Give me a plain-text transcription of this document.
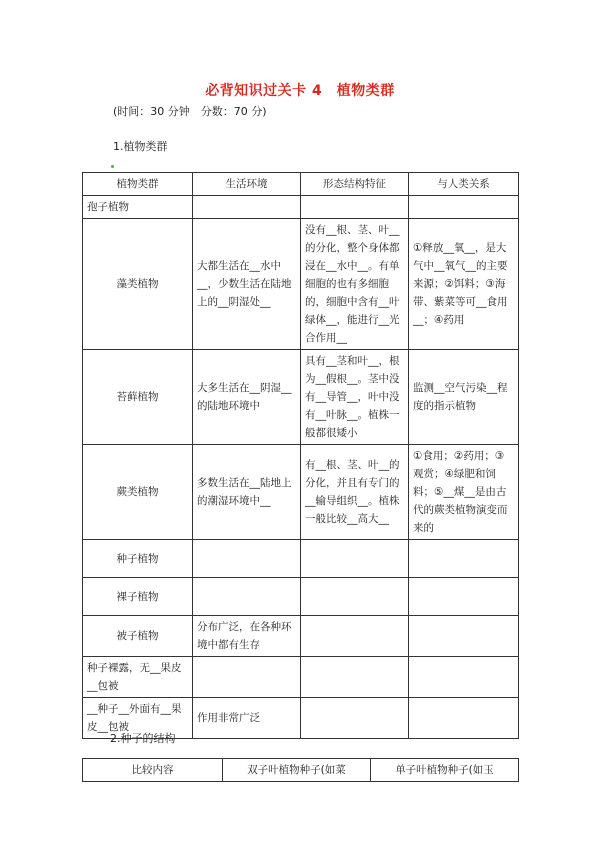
必背知识过关卡 4　植物类群
(时间：30 分钟　分数：70 分)
1.植物类群
植物类群	生活环境	形态结构特征	与人类关系
孢子植物			
藻类植物	大都生活在__水中__，少数生活在陆地上的__阴湿处__	没有__根、茎、叶__的分化，整个身体都浸在__水中__。有单细胞的也有多细胞的，细胞中含有__叶绿体__，能进行__光合作用__	①释放__氧__，是大气中__氧气__的主要来源；②饵料；③海带、紫菜等可__食用__；④药用
苔藓植物	大多生活在__阴湿__的陆地环境中	具有__茎和叶__，根为__假根__。茎中没有__导管__，叶中没有__叶脉__。植株一般都很矮小	监测__空气污染__程度的指示植物
蕨类植物	多数生活在__陆地上的潮湿环境中__	有__根、茎、叶__的分化，并且有专门的__输导组织__。植株一般比较__高大__	①食用；②药用；③观赏；④绿肥和饲料；⑤__煤__是由古代的蕨类植物演变而来的
种子植物			
裸子植物			
被子植物	分布广泛，在各种环境中都有生存		
种子裸露，无__果皮__包被			
__种子__外面有__果皮__包被	作用非常广泛		
2.种子的结构
比较内容	双子叶植物种子(如菜	单子叶植物种子(如玉
